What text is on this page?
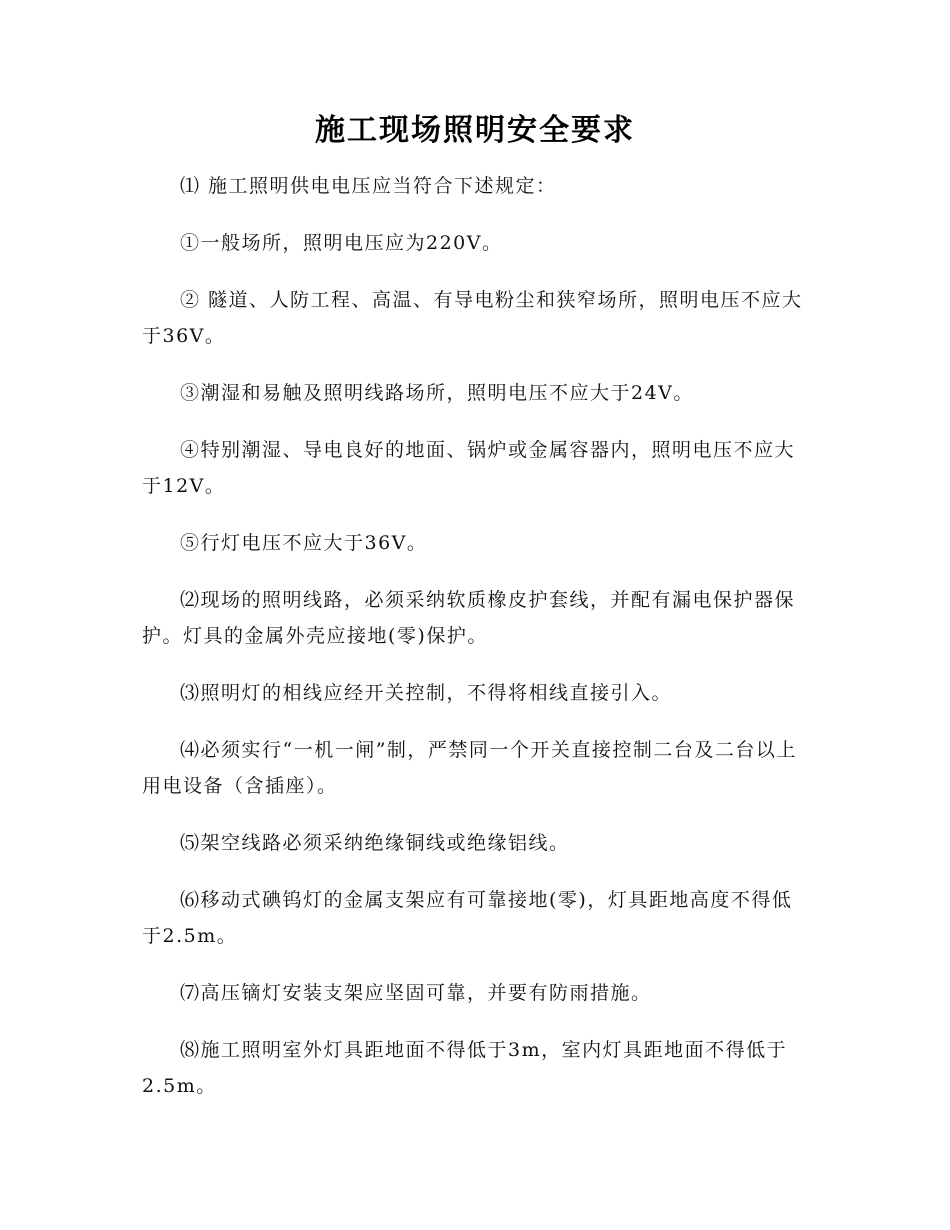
施工现场照明安全要求

⑴ 施工照明供电电压应当符合下述规定：

①一般场所，照明电压应为220V。

② 隧道、人防工程、高温、有导电粉尘和狭窄场所，照明电压不应大于36V。

③潮湿和易触及照明线路场所，照明电压不应大于24V。

④特别潮湿、导电良好的地面、锅炉或金属容器内，照明电压不应大于12V。

⑤行灯电压不应大于36V。

⑵现场的照明线路，必须采纳软质橡皮护套线，并配有漏电保护器保护。灯具的金属外壳应接地(零)保护。

⑶照明灯的相线应经开关控制，不得将相线直接引入。

⑷必须实行“一机一闸”制，严禁同一个开关直接控制二台及二台以上用电设备（含插座）。

⑸架空线路必须采纳绝缘铜线或绝缘铝线。

⑹移动式碘钨灯的金属支架应有可靠接地(零)，灯具距地高度不得低于2.5m。

⑺高压镝灯安装支架应坚固可靠，并要有防雨措施。

⑻施工照明室外灯具距地面不得低于3m，室内灯具距地面不得低于2.5m。
